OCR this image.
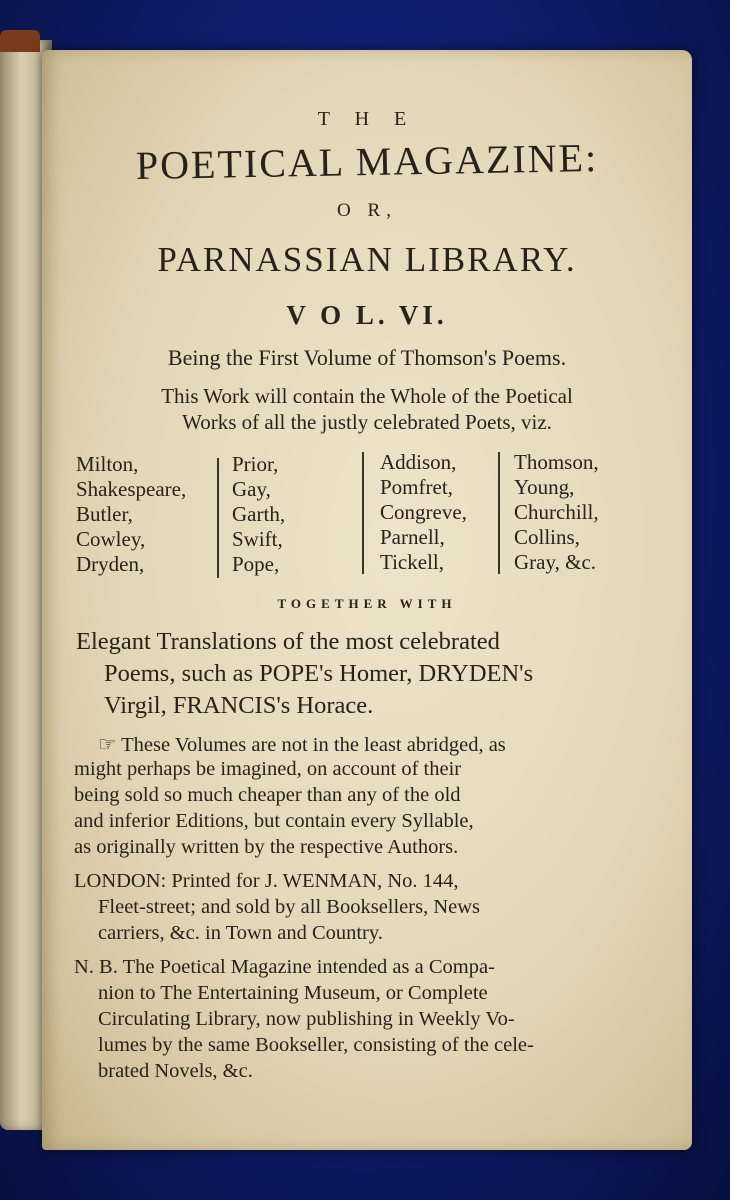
T H E
POETICAL MAGAZINE:
O R,
PARNASSIAN LIBRARY.
V O L. VI.
Being the First Volume of Thomson's Poems.
This Work will contain the Whole of the Poetical
Works of all the justly celebrated Poets, viz.
Milton,
Shakespeare,
Butler,
Cowley,
Dryden,
Prior,
Gay,
Garth,
Swift,
Pope,
Addison,
Pomfret,
Congreve,
Parnell,
Tickell,
Thomson,
Young,
Churchill,
Collins,
Gray, &c.
TOGETHER WITH
Elegant Translations of the most celebrated
Poems, such as POPE's Homer, DRYDEN's
Virgil, FRANCIS's Horace.
☞ These Volumes are not in the least abridged, as
might perhaps be imagined, on account of their
being sold so much cheaper than any of the old
and inferior Editions, but contain every Syllable,
as originally written by the respective Authors.
LONDON: Printed for J. WENMAN, No. 144,
Fleet-street; and sold by all Booksellers, News
carriers, &c. in Town and Country.
N. B. The Poetical Magazine intended as a Compa-
nion to The Entertaining Museum, or Complete
Circulating Library, now publishing in Weekly Vo-
lumes by the same Bookseller, consisting of the cele-
brated Novels, &c.
